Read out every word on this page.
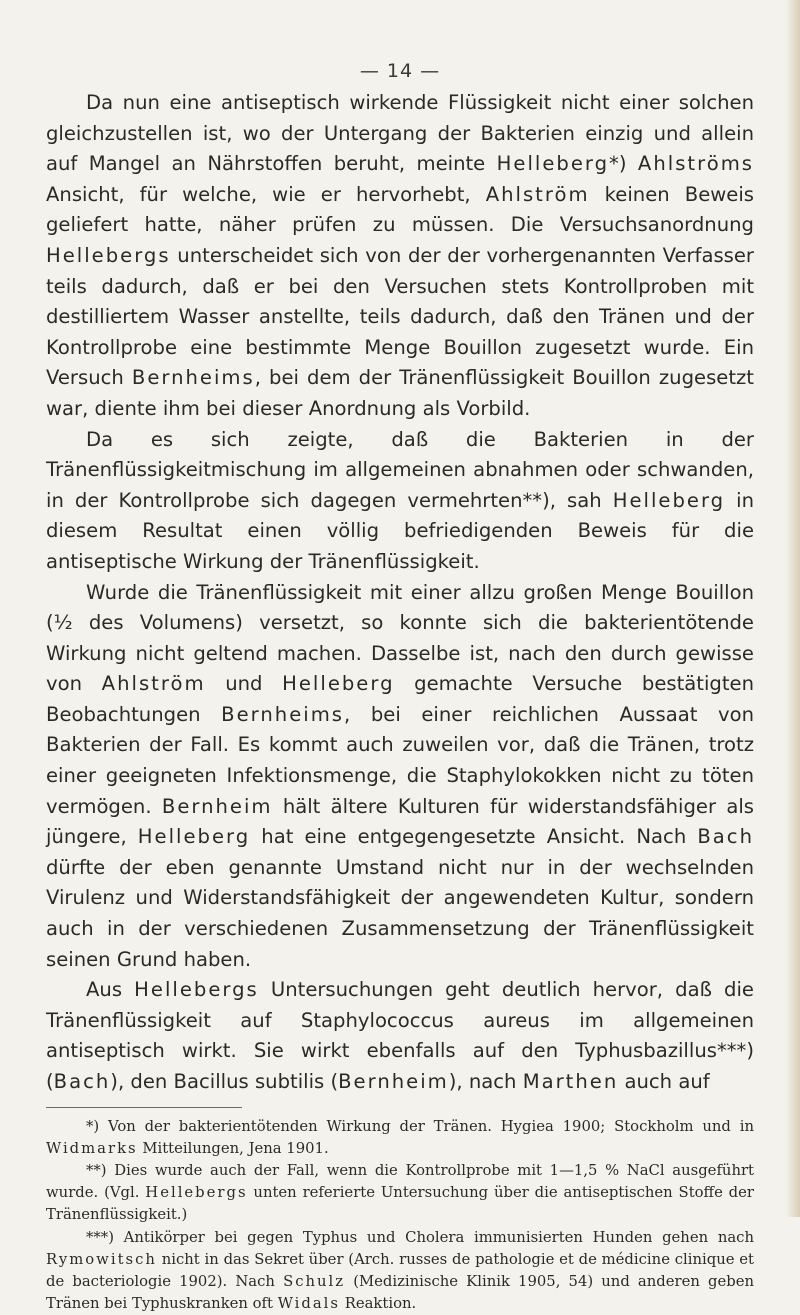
— 14 —

Da nun eine antiseptisch wirkende Flüssigkeit nicht einer solchen gleichzustellen ist, wo der Untergang der Bakterien einzig und allein auf Mangel an Nährstoffen beruht, meinte Helleberg*) Ahlströms Ansicht, für welche, wie er hervorhebt, Ahlström keinen Beweis geliefert hatte, näher prüfen zu müssen. Die Versuchsanordnung Hellebergs unterscheidet sich von der der vorhergenannten Verfasser teils dadurch, daß er bei den Versuchen stets Kontrollproben mit destilliertem Wasser anstellte, teils dadurch, daß den Tränen und der Kontrollprobe eine bestimmte Menge Bouillon zugesetzt wurde. Ein Versuch Bernheims, bei dem der Tränenflüssigkeit Bouillon zugesetzt war, diente ihm bei dieser Anordnung als Vorbild.

Da es sich zeigte, daß die Bakterien in der Tränenflüssigkeitmischung im allgemeinen abnahmen oder schwanden, in der Kontrollprobe sich dagegen vermehrten**), sah Helleberg in diesem Resultat einen völlig befriedigenden Beweis für die antiseptische Wirkung der Tränenflüssigkeit.

Wurde die Tränenflüssigkeit mit einer allzu großen Menge Bouillon (½ des Volumens) versetzt, so konnte sich die bakterientötende Wirkung nicht geltend machen. Dasselbe ist, nach den durch gewisse von Ahlström und Helleberg gemachte Versuche bestätigten Beobachtungen Bernheims, bei einer reichlichen Aussaat von Bakterien der Fall. Es kommt auch zuweilen vor, daß die Tränen, trotz einer geeigneten Infektionsmenge, die Staphylokokken nicht zu töten vermögen. Bernheim hält ältere Kulturen für widerstandsfähiger als jüngere, Helleberg hat eine entgegengesetzte Ansicht. Nach Bach dürfte der eben genannte Umstand nicht nur in der wechselnden Virulenz und Widerstandsfähigkeit der angewendeten Kultur, sondern auch in der verschiedenen Zusammensetzung der Tränenflüssigkeit seinen Grund haben.

Aus Hellebergs Untersuchungen geht deutlich hervor, daß die Tränenflüssigkeit auf Staphylococcus aureus im allgemeinen antiseptisch wirkt. Sie wirkt ebenfalls auf den Typhusbazillus***) (Bach), den Bacillus subtilis (Bernheim), nach Marthen auch auf

*) Von der bakterientötenden Wirkung der Tränen. Hygiea 1900; Stockholm und in Widmarks Mitteilungen, Jena 1901.

**) Dies wurde auch der Fall, wenn die Kontrollprobe mit 1—1,5 % NaCl ausgeführt wurde. (Vgl. Hellebergs unten referierte Untersuchung über die antiseptischen Stoffe der Tränenflüssigkeit.)

***) Antikörper bei gegen Typhus und Cholera immunisierten Hunden gehen nach Rymowitsch nicht in das Sekret über (Arch. russes de pathologie et de médicine clinique et de bacteriologie 1902). Nach Schulz (Medizinische Klinik 1905, 54) und anderen geben Tränen bei Typhuskranken oft Widals Reaktion.
